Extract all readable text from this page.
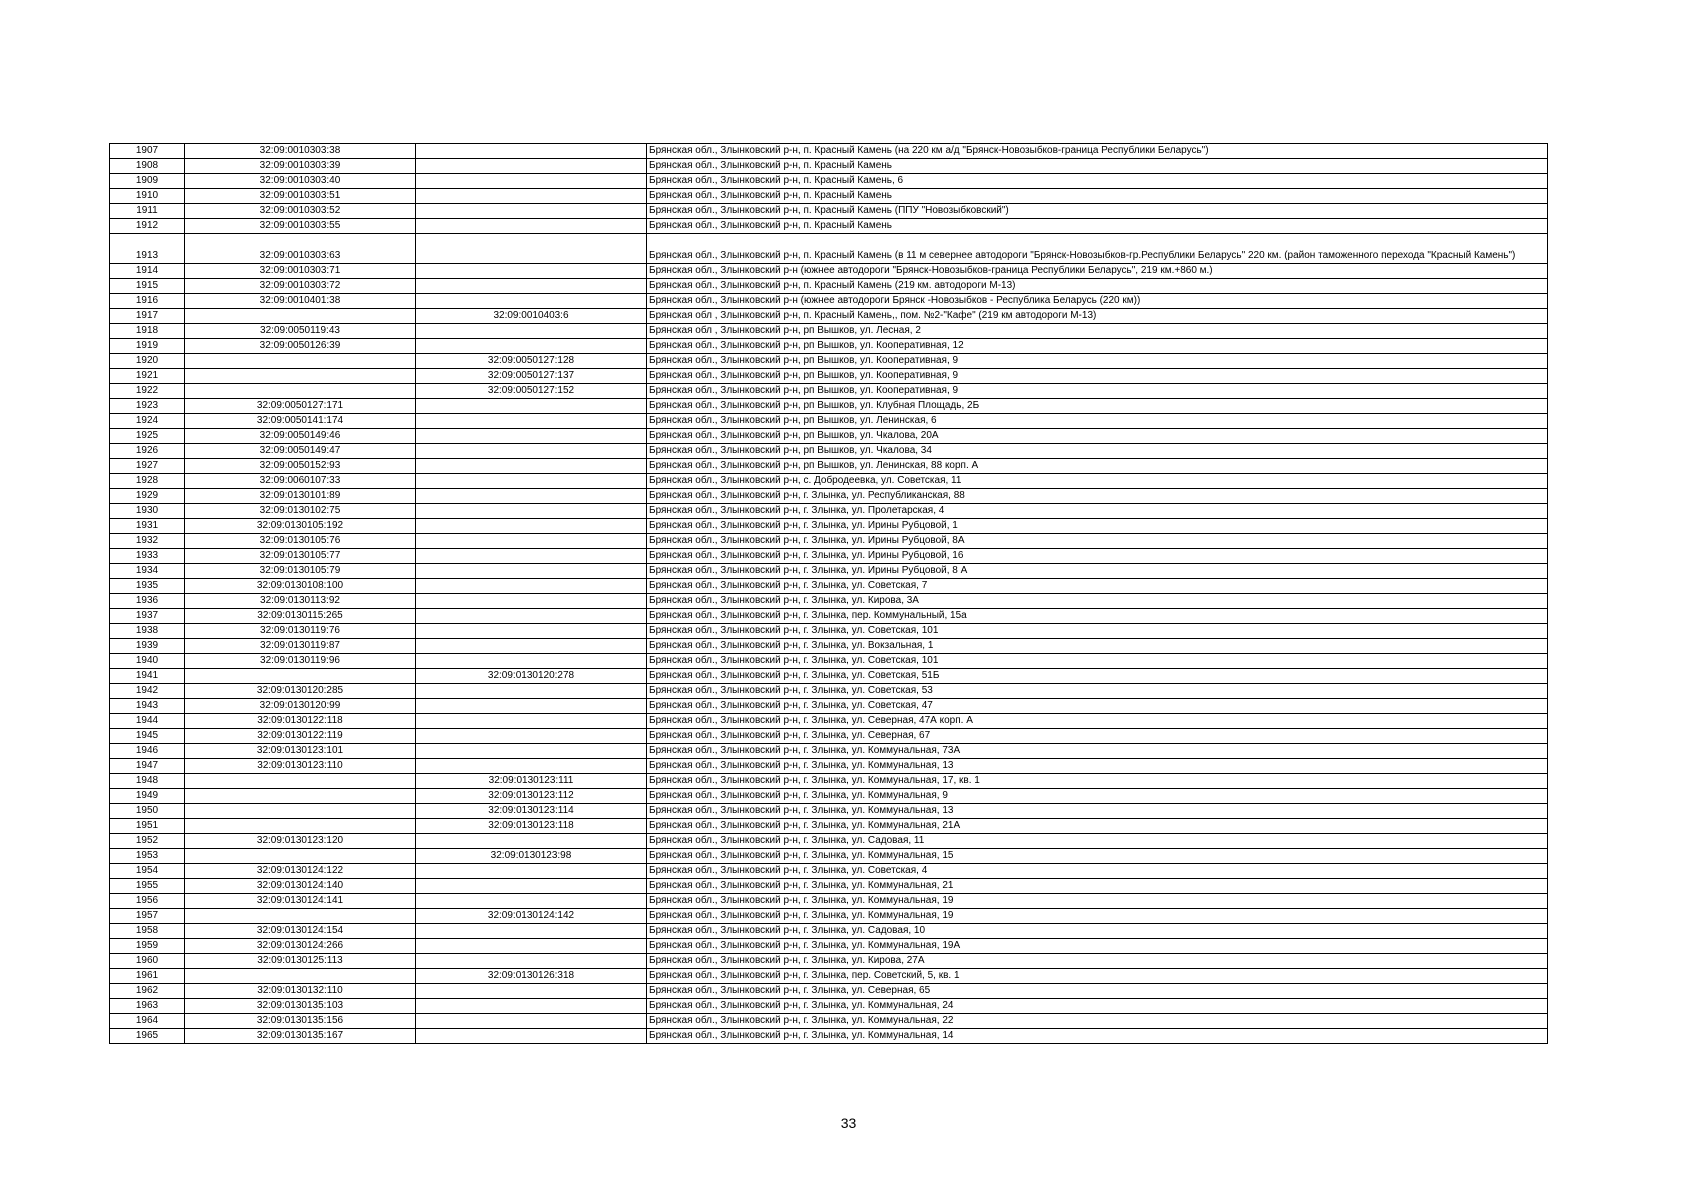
1907	32:09:0010303:38		Брянская обл., Злынковский р-н, п. Красный Камень (на 220 км а/д "Брянск-Новозыбков-граница Республики Беларусь")
1908	32:09:0010303:39		Брянская обл., Злынковский р-н, п. Красный Камень
1909	32:09:0010303:40		Брянская обл., Злынковский р-н, п. Красный Камень, 6
1910	32:09:0010303:51		Брянская обл., Злынковский р-н, п. Красный Камень
1911	32:09:0010303:52		Брянская обл., Злынковский р-н, п. Красный Камень (ППУ "Новозыбковский")
1912	32:09:0010303:55		Брянская обл., Злынковский р-н, п. Красный Камень
1913	32:09:0010303:63		Брянская обл., Злынковский р-н, п. Красный Камень (в 11 м севернее автодороги "Брянск-Новозыбков-гр.Республики Беларусь" 220 км. (район таможенного перехода "Красный Камень")
1914	32:09:0010303:71		Брянская обл., Злынковский р-н (южнее автодороги "Брянск-Новозыбков-граница Республики Беларусь", 219 км.+860 м.)
1915	32:09:0010303:72		Брянская обл., Злынковский р-н, п. Красный Камень (219 км. автодороги М-13)
1916	32:09:0010401:38		Брянская обл., Злынковский р-н (южнее автодороги Брянск -Новозыбков - Республика Беларусь (220 км))
1917		32:09:0010403:6	Брянская обл , Злынковский р-н, п. Красный Камень,, пом. №2-"Кафе" (219 км автодороги М-13)
1918	32:09:0050119:43		Брянская обл , Злынковский р-н, рп Вышков, ул. Лесная, 2
1919	32:09:0050126:39		Брянская обл., Злынковский р-н, рп Вышков, ул. Кооперативная, 12
1920		32:09:0050127:128	Брянская обл., Злынковский р-н, рп Вышков, ул. Кооперативная, 9
1921		32:09:0050127:137	Брянская обл., Злынковский р-н, рп Вышков, ул. Кооперативная, 9
1922		32:09:0050127:152	Брянская обл., Злынковский р-н, рп Вышков, ул. Кооперативная, 9
1923	32:09:0050127:171		Брянская обл., Злынковский р-н, рп Вышков, ул. Клубная Площадь, 2Б
1924	32:09:0050141:174		Брянская обл., Злынковский р-н, рп Вышков, ул. Ленинская, 6
1925	32:09:0050149:46		Брянская обл., Злынковский р-н, рп Вышков, ул. Чкалова, 20А
1926	32:09:0050149:47		Брянская обл., Злынковский р-н, рп Вышков, ул. Чкалова, 34
1927	32:09:0050152:93		Брянская обл., Злынковский р-н, рп Вышков, ул. Ленинская, 88 корп. А
1928	32:09:0060107:33		Брянская обл., Злынковский р-н, с. Добродеевка, ул. Советская, 11
1929	32:09:0130101:89		Брянская обл., Злынковский р-н, г. Злынка, ул. Республиканская, 88
1930	32:09:0130102:75		Брянская обл., Злынковский р-н, г. Злынка, ул. Пролетарская, 4
1931	32:09:0130105:192		Брянская обл., Злынковский р-н, г. Злынка, ул. Ирины Рубцовой, 1
1932	32:09:0130105:76		Брянская обл., Злынковский р-н, г. Злынка, ул. Ирины Рубцовой, 8А
1933	32:09:0130105:77		Брянская обл., Злынковский р-н, г. Злынка, ул. Ирины Рубцовой, 16
1934	32:09:0130105:79		Брянская обл., Злынковский р-н, г. Злынка, ул. Ирины Рубцовой, 8 А
1935	32:09:0130108:100		Брянская обл., Злынковский р-н, г. Злынка, ул. Советская, 7
1936	32:09:0130113:92		Брянская обл., Злынковский р-н, г. Злынка, ул. Кирова, 3А
1937	32:09:0130115:265		Брянская обл., Злынковский р-н, г. Злынка, пер. Коммунальный, 15а
1938	32:09:0130119:76		Брянская обл., Злынковский р-н, г. Злынка, ул. Советская, 101
1939	32:09:0130119:87		Брянская обл., Злынковский р-н, г. Злынка, ул. Вокзальная, 1
1940	32:09:0130119:96		Брянская обл., Злынковский р-н, г. Злынка, ул. Советская, 101
1941		32:09:0130120:278	Брянская обл., Злынковский р-н, г. Злынка, ул. Советская, 51Б
1942	32:09:0130120:285		Брянская обл., Злынковский р-н, г. Злынка, ул. Советская, 53
1943	32:09:0130120:99		Брянская обл., Злынковский р-н, г. Злынка, ул. Советская, 47
1944	32:09:0130122:118		Брянская обл., Злынковский р-н, г. Злынка, ул. Северная, 47А корп. А
1945	32:09:0130122:119		Брянская обл., Злынковский р-н, г. Злынка, ул. Северная, 67
1946	32:09:0130123:101		Брянская обл., Злынковский р-н, г. Злынка, ул. Коммунальная, 73А
1947	32:09:0130123:110		Брянская обл., Злынковский р-н, г. Злынка, ул. Коммунальная, 13
1948		32:09:0130123:111	Брянская обл., Злынковский р-н, г. Злынка, ул. Коммунальная, 17, кв. 1
1949		32:09:0130123:112	Брянская обл., Злынковский р-н, г. Злынка, ул. Коммунальная, 9
1950		32:09:0130123:114	Брянская обл., Злынковский р-н, г. Злынка, ул. Коммунальная, 13
1951		32:09:0130123:118	Брянская обл., Злынковский р-н, г. Злынка, ул. Коммунальная, 21А
1952	32:09:0130123:120		Брянская обл., Злынковский р-н, г. Злынка, ул. Садовая, 11
1953		32:09:0130123:98	Брянская обл., Злынковский р-н, г. Злынка, ул. Коммунальная, 15
1954	32:09:0130124:122		Брянская обл., Злынковский р-н, г. Злынка, ул. Советская, 4
1955	32:09:0130124:140		Брянская обл., Злынковский р-н, г. Злынка, ул. Коммунальная, 21
1956	32:09:0130124:141		Брянская обл., Злынковский р-н, г. Злынка, ул. Коммунальная, 19
1957		32:09:0130124:142	Брянская обл., Злынковский р-н, г. Злынка, ул. Коммунальная, 19
1958	32:09:0130124:154		Брянская обл., Злынковский р-н, г. Злынка, ул. Садовая, 10
1959	32:09:0130124:266		Брянская обл., Злынковский р-н, г. Злынка, ул. Коммунальная, 19А
1960	32:09:0130125:113		Брянская обл., Злынковский р-н, г. Злынка, ул. Кирова, 27А
1961		32:09:0130126:318	Брянская обл., Злынковский р-н, г. Злынка, пер. Советский, 5, кв. 1
1962	32:09:0130132:110		Брянская обл., Злынковский р-н, г. Злынка, ул. Северная, 65
1963	32:09:0130135:103		Брянская обл., Злынковский р-н, г. Злынка, ул. Коммунальная, 24
1964	32:09:0130135:156		Брянская обл., Злынковский р-н, г. Злынка, ул. Коммунальная, 22
1965	32:09:0130135:167		Брянская обл., Злынковский р-н, г. Злынка, ул. Коммунальная, 14
33
